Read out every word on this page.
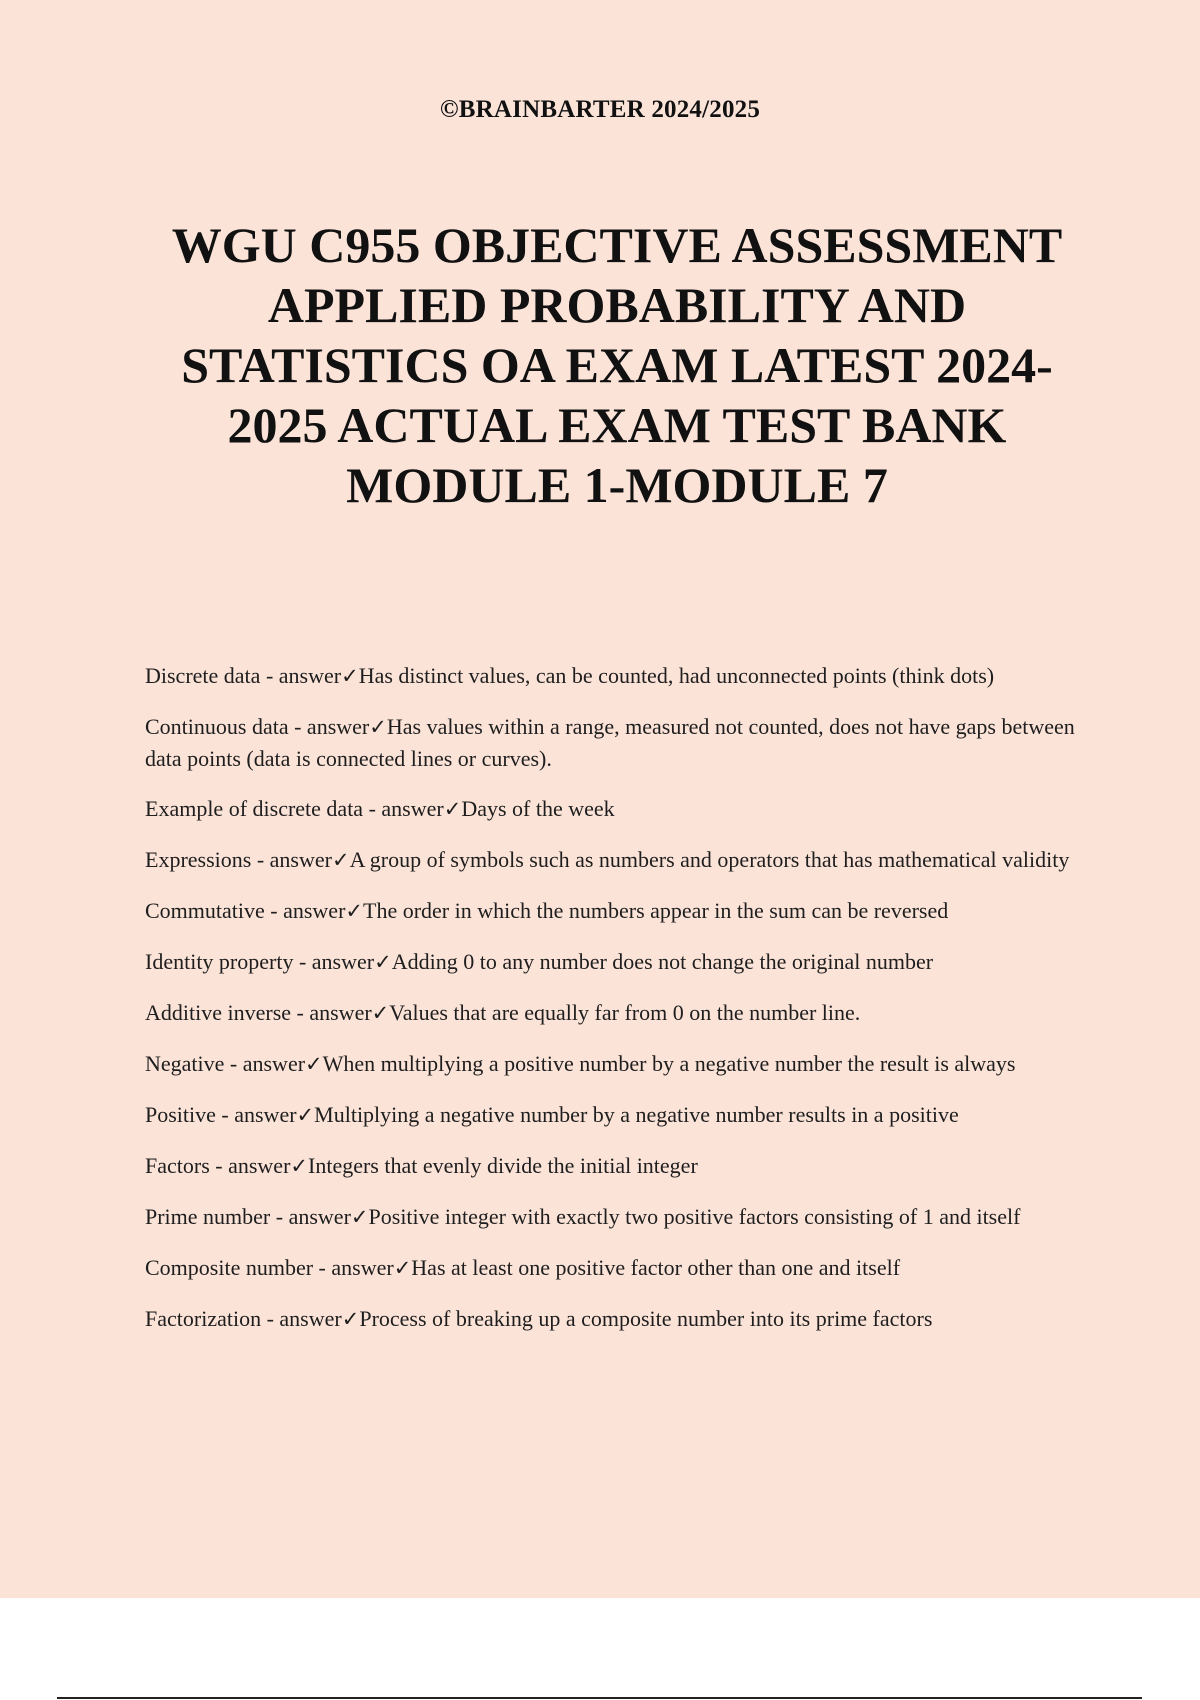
©BRAINBARTER 2024/2025
WGU C955 OBJECTIVE ASSESSMENT APPLIED PROBABILITY AND STATISTICS OA EXAM LATEST 2024-2025 ACTUAL EXAM TEST BANK MODULE 1-MODULE 7
Discrete data - answer✓Has distinct values, can be counted, had unconnected points (think dots)
Continuous data - answer✓Has values within a range, measured not counted, does not have gaps between data points (data is connected lines or curves).
Example of discrete data - answer✓Days of the week
Expressions - answer✓A group of symbols such as numbers and operators that has mathematical validity
Commutative - answer✓The order in which the numbers appear in the sum can be reversed
Identity property - answer✓Adding 0 to any number does not change the original number
Additive inverse - answer✓Values that are equally far from 0 on the number line.
Negative - answer✓When multiplying a positive number by a negative number the result is always
Positive - answer✓Multiplying a negative number by a negative number results in a positive
Factors - answer✓Integers that evenly divide the initial integer
Prime number - answer✓Positive integer with exactly two positive factors consisting of 1 and itself
Composite number - answer✓Has at least one positive factor other than one and itself
Factorization - answer✓Process of breaking up a composite number into its prime factors
